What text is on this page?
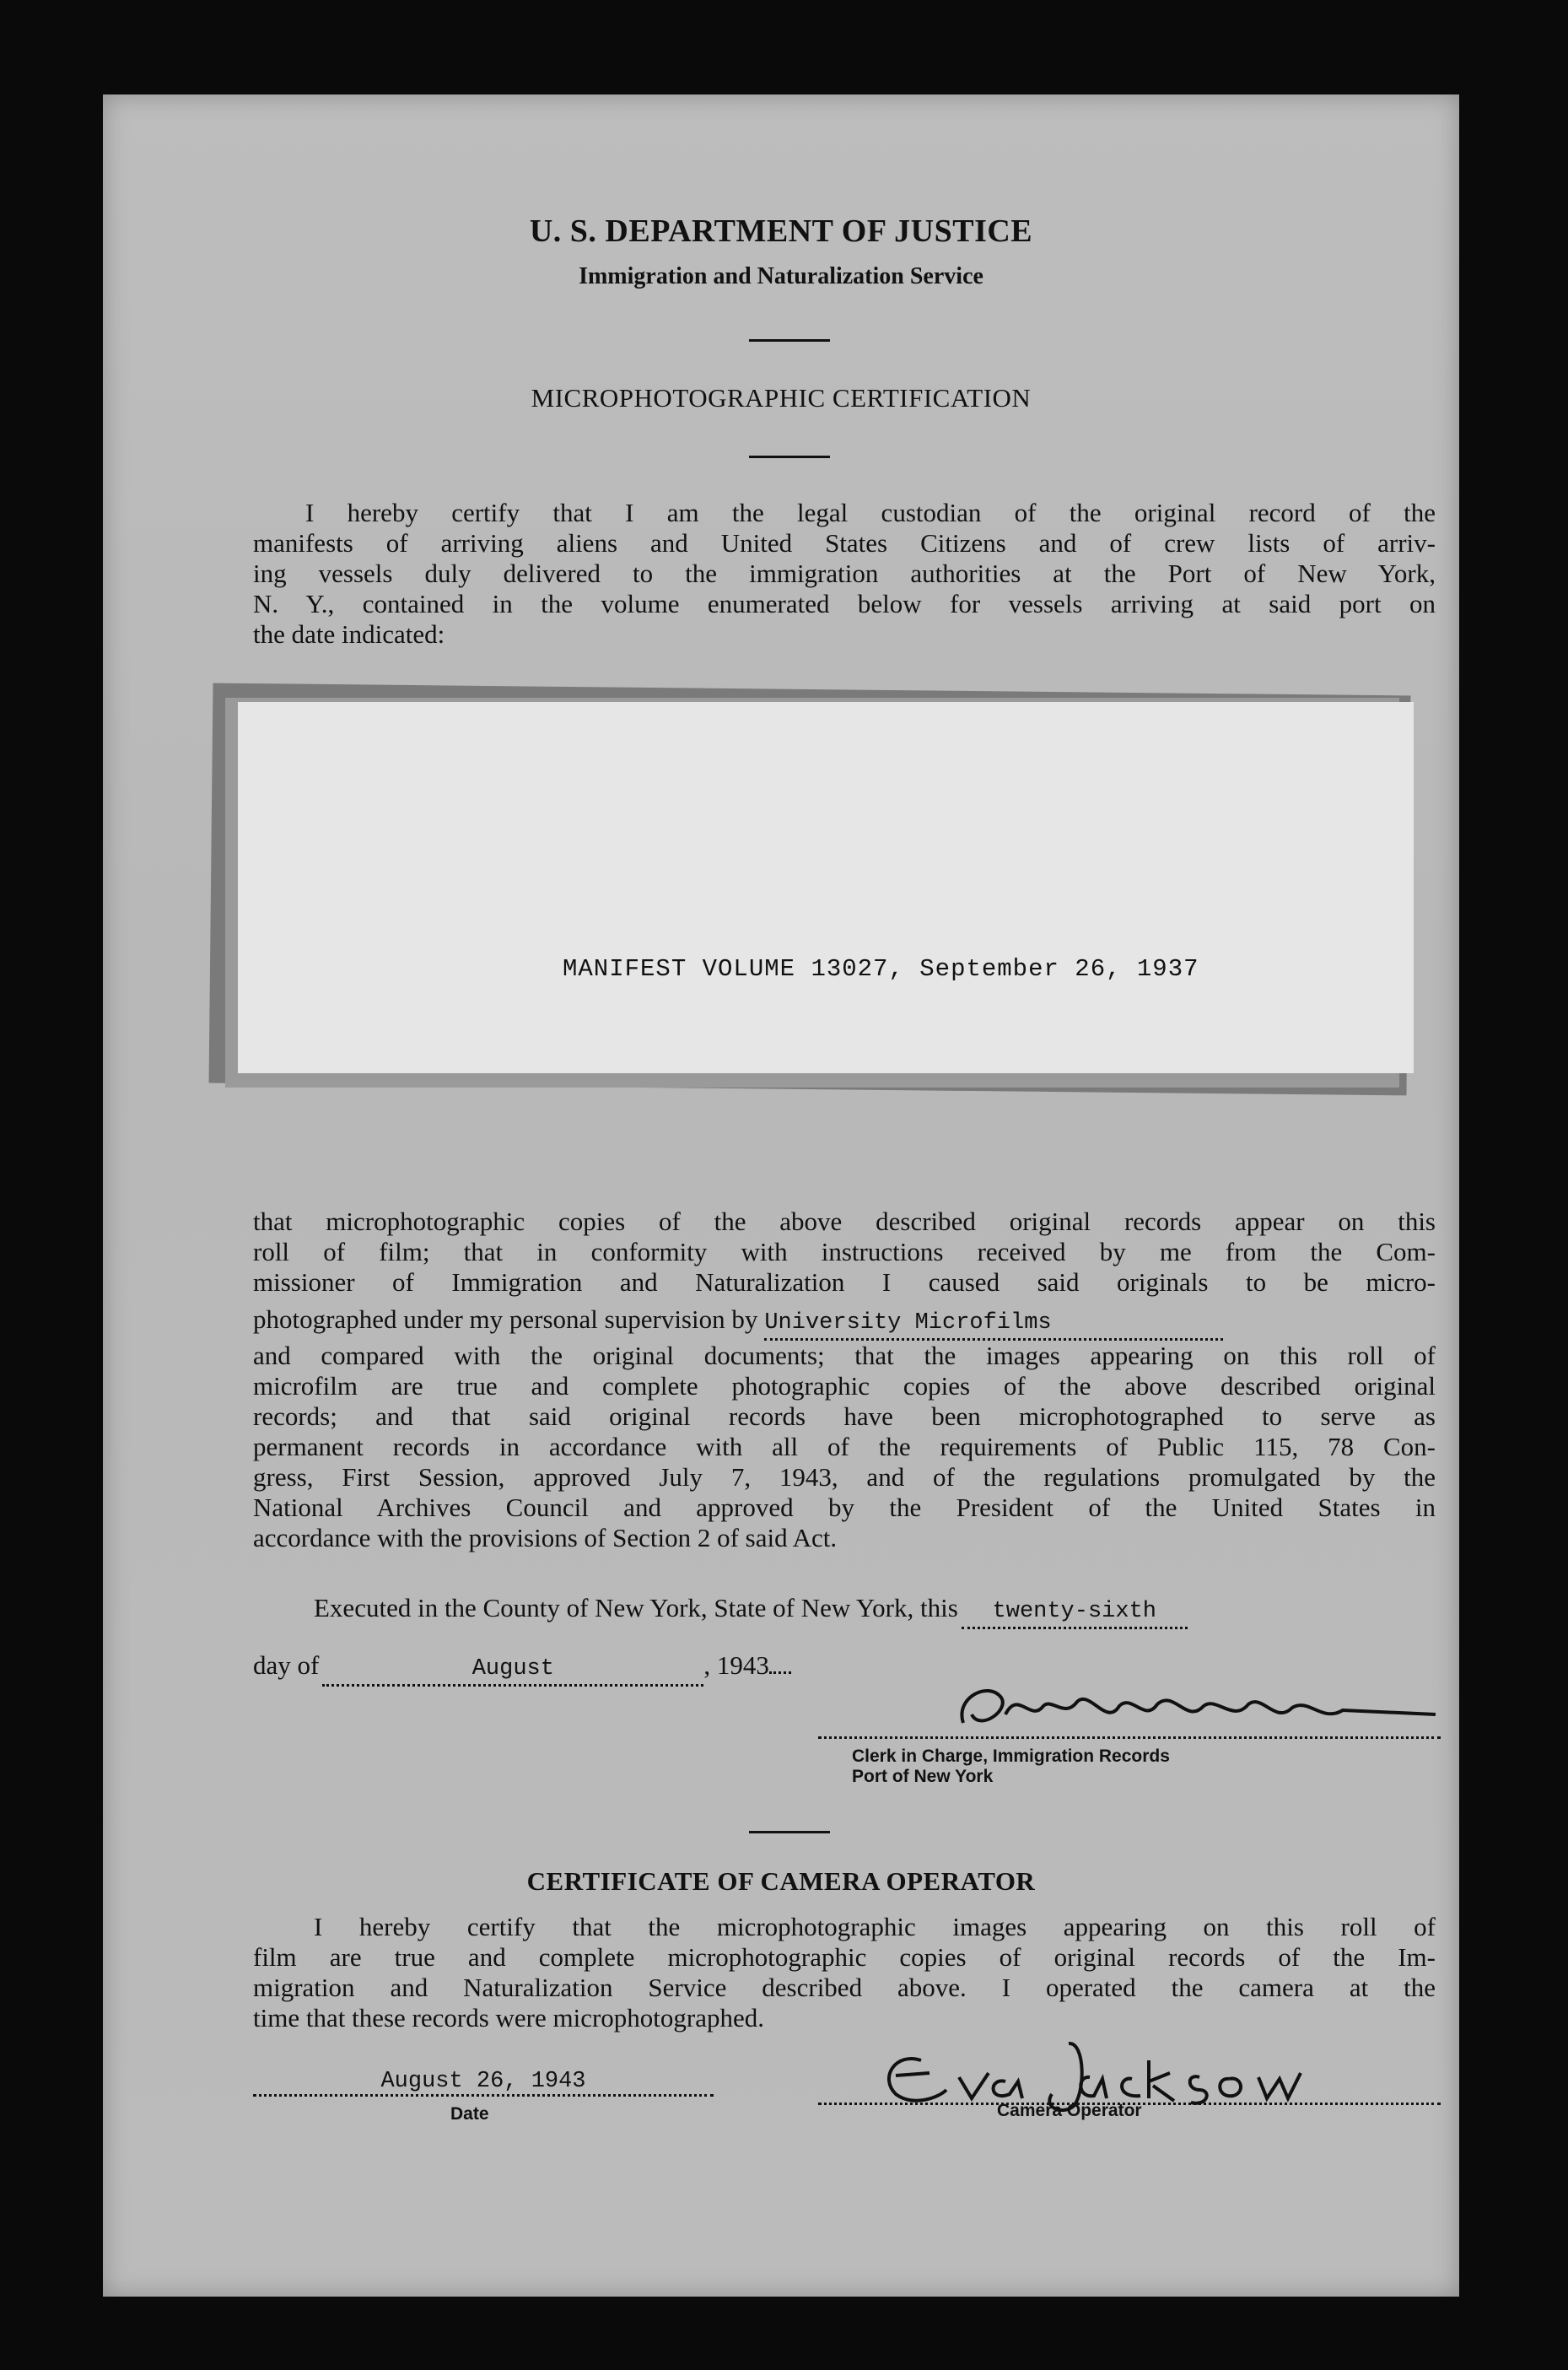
U. S. DEPARTMENT OF JUSTICE
Immigration and Naturalization Service
MICROPHOTOGRAPHIC CERTIFICATION
I hereby certify that I am the legal custodian of the original record of the
manifests of arriving aliens and United States Citizens and of crew lists of arriv-
ing vessels duly delivered to the immigration authorities at the Port of New York,
N. Y., contained in the volume enumerated below for vessels arriving at said port on
the date indicated:
MANIFEST VOLUME 13027, September 26, 1937
that microphotographic copies of the above described original records appear on this
roll of film; that in conformity with instructions received by me from the Com-
missioner of Immigration and Naturalization I caused said originals to be micro-
photographed under my personal supervision by University Microfilms
and compared with the original documents; that the images appearing on this roll of
microfilm are true and complete photographic copies of the above described original
records; and that said original records have been microphotographed to serve as
permanent records in accordance with all of the requirements of Public 115, 78 Con-
gress, First Session, approved July 7, 1943, and of the regulations promulgated by the
National Archives Council and approved by the President of the United States in
accordance with the provisions of Section 2 of said Act.
Executed in the County of New York, State of New York, this twenty-sixth
day of	August	, 1943
Clerk in Charge, Immigration Records
Port of New York
CERTIFICATE OF CAMERA OPERATOR
I hereby certify that the microphotographic images appearing on this roll of
film are true and complete microphotographic copies of original records of the Im-
migration and Naturalization Service described above. I operated the camera at the
time that these records were microphotographed.
August 26, 1943
Date	Camera Operator
